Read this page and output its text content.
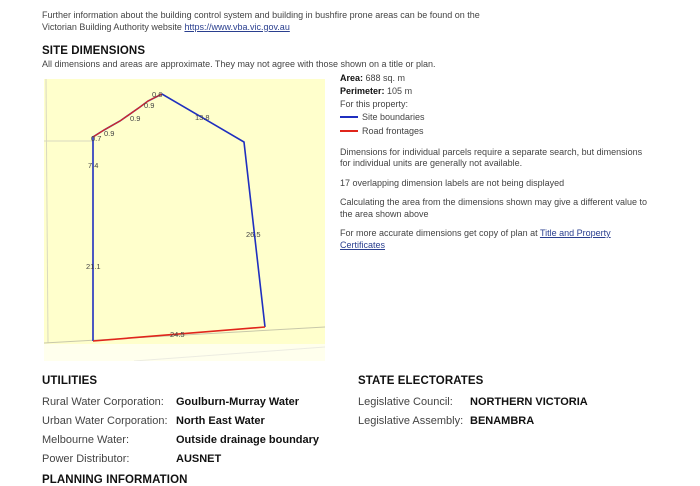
Further information about the building control system and building in bushfire prone areas can be found on the Victorian Building Authority website https://www.vba.vic.gov.au
SITE DIMENSIONS
All dimensions and areas are approximate. They may not agree with those shown on a title or plan.
0.6
13.8
0.9
0.9
0.9
0.7
7.4
26.5
21.1
24.5
Area: 688 sq. m
Perimeter: 105 m
For this property:
Site boundaries
Road frontages

Dimensions for individual parcels require a separate search, but dimensions for individual units are generally not available.

17 overlapping dimension labels are not being displayed

Calculating the area from the dimensions shown may give a different value to the area shown above

For more accurate dimensions get copy of plan at Title and Property Certificates

UTILITIES
Rural Water Corporation: Goulburn-Murray Water
Urban Water Corporation: North East Water
Melbourne Water:	Outside drainage boundary
Power Distributor:	AUSNET
STATE ELECTORATES
Legislative Council: NORTHERN VICTORIA
Legislative Assembly: BENAMBRA
PLANNING INFORMATION
